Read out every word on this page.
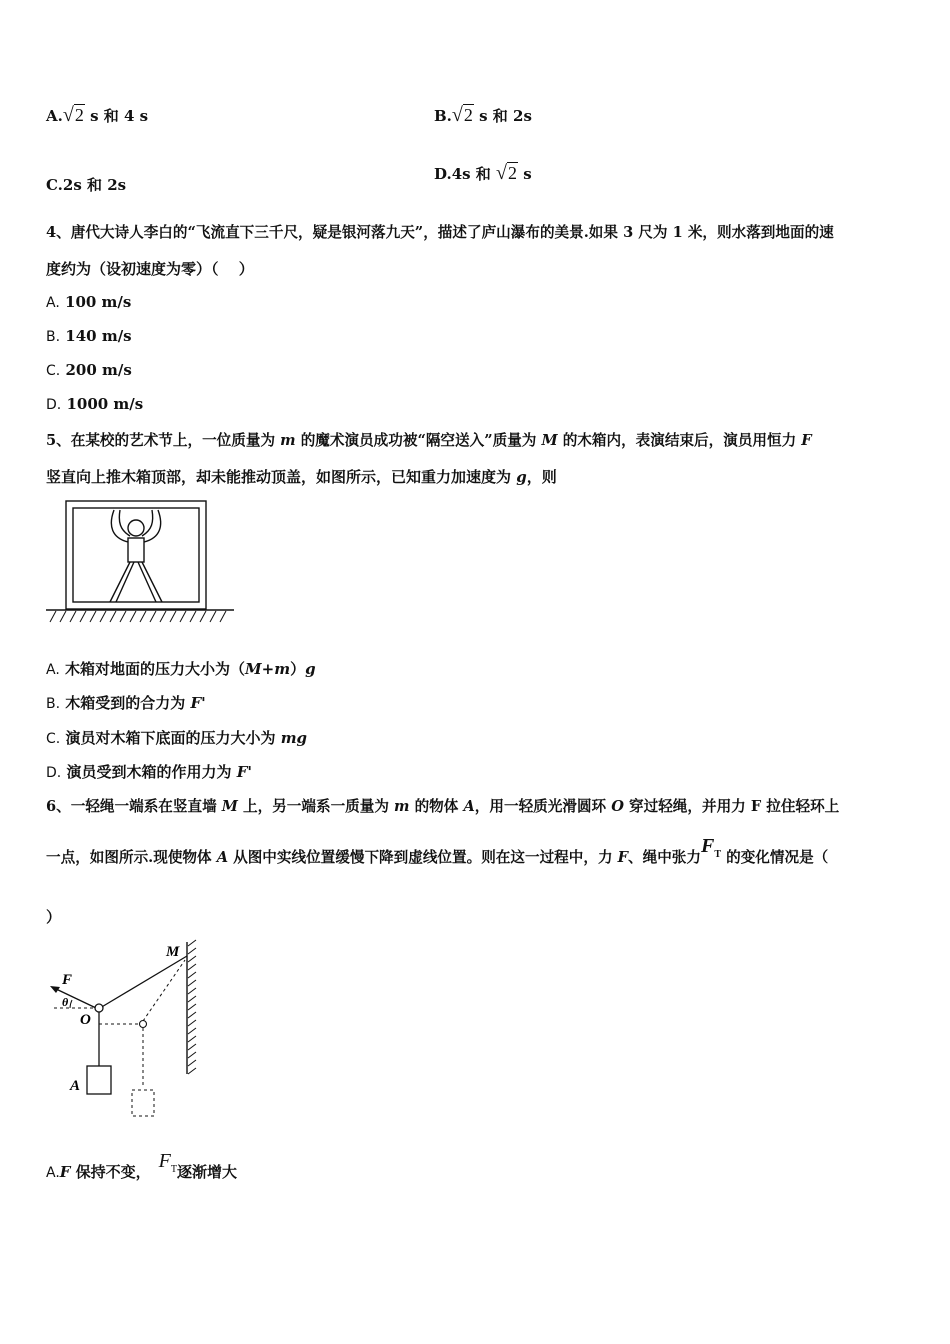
A.√2 s 和 4 s	B.√2 s 和 2s
C.2s 和 2s
D.4s 和 √2 s
4、唐代大诗人李白的“飞流直下三千尺，疑是银河落九天”，描述了庐山瀑布的美景.如果 3 尺为 1 米，则水落到地面的速
度约为（设初速度为零）（　 ）
A. 100 m/s
B. 140 m/s
C. 200 m/s
D. 1000 m/s
5、在某校的艺术节上，一位质量为 m 的魔术演员成功被“隔空送入”质量为 M 的木箱内，表演结束后，演员用恒力 F
竖直向上推木箱顶部，却未能推动顶盖，如图所示，已知重力加速度为 g，则
A. 木箱对地面的压力大小为（M+m）g
B. 木箱受到的合力为 F'
C. 演员对木箱下底面的压力大小为 mg
D. 演员受到木箱的作用力为 F'
6、一轻绳一端系在竖直墙 M 上，另一端系一质量为 m 的物体 A，用一轻质光滑圆环 O 穿过轻绳，并用力 F 拉住轻环上
一点，如图所示.现使物体 A 从图中实线位置缓慢下降到虚线位置。则在这一过程中，力 F、绳中张力$F_T$ 的变化情况是（
）
M
F
θ
O
A
A.F 保持不变， $F_T$逐渐增大
